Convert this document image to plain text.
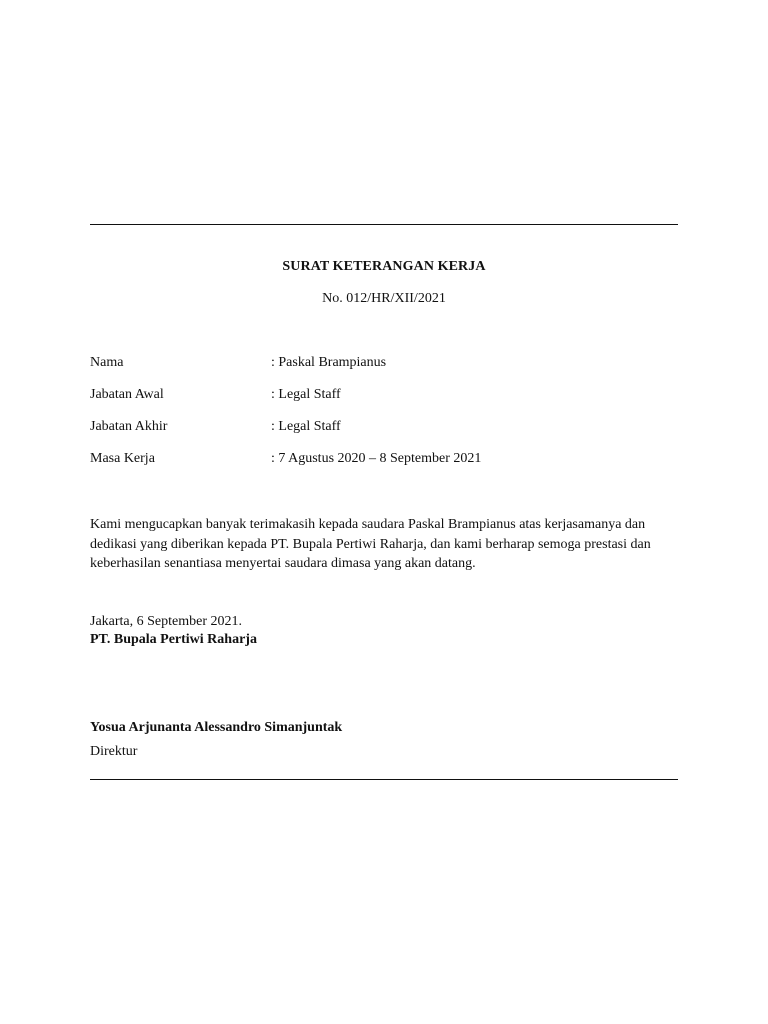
SURAT KETERANGAN KERJA
No. 012/HR/XII/2021
Nama	: Paskal Brampianus
Jabatan Awal	: Legal Staff
Jabatan Akhir	: Legal Staff
Masa Kerja	: 7 Agustus 2020 – 8 September 2021
Kami mengucapkan banyak terimakasih kepada saudara Paskal Brampianus atas kerjasamanya dan dedikasi yang diberikan kepada PT. Bupala Pertiwi Raharja, dan kami berharap semoga prestasi dan keberhasilan senantiasa menyertai saudara dimasa yang akan datang.
Jakarta, 6 September 2021.
PT. Bupala Pertiwi Raharja
Yosua Arjunanta Alessandro Simanjuntak
Direktur
